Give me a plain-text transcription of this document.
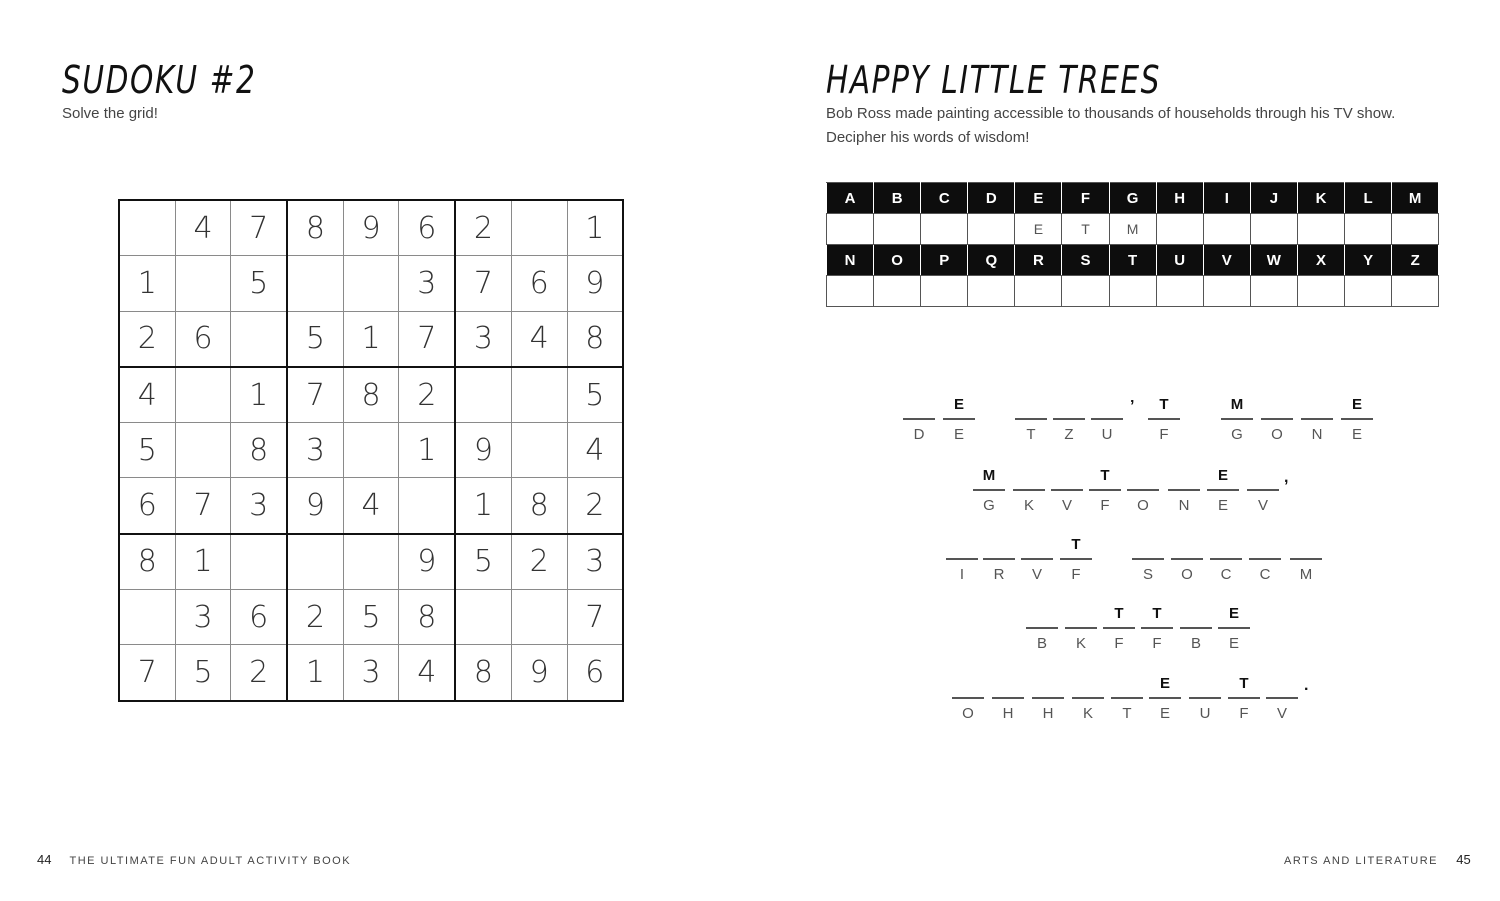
SUDOKU #2
Solve the grid!
	4	7	8	9	6	2		1
1		5			3	7	6	9
2	6		5	1	7	3	4	8
4		1	7	8	2			5
5		8	3		1	9		4
6	7	3	9	4		1	8	2
8	1				9	5	2	3
	3	6	2	5	8			7
7	5	2	1	3	4	8	9	6
44 THE ULTIMATE FUN ADULT ACTIVITY BOOK
HAPPY LITTLE TREES
Bob Ross made painting accessible to thousands of households through his TV show.
Decipher his words of wisdom!
A	B	C	D	E	F	G	H	I	J	K	L	M
				E	T	M						
N	O	P	Q	R	S	T	U	V	W	X	Y	Z

D
E
E	T	Z	U
T
F
M
G	O	N
E
E
’
M
G	K	V
T
F	O	N
E
E	V
,
I	R	V
T
F	S	O	C	C	M
B	K
T
F
T
F	B
E
E
O	H	H	K	T
E
E	U
T
F	V
.
ARTS AND LITERATURE 45
